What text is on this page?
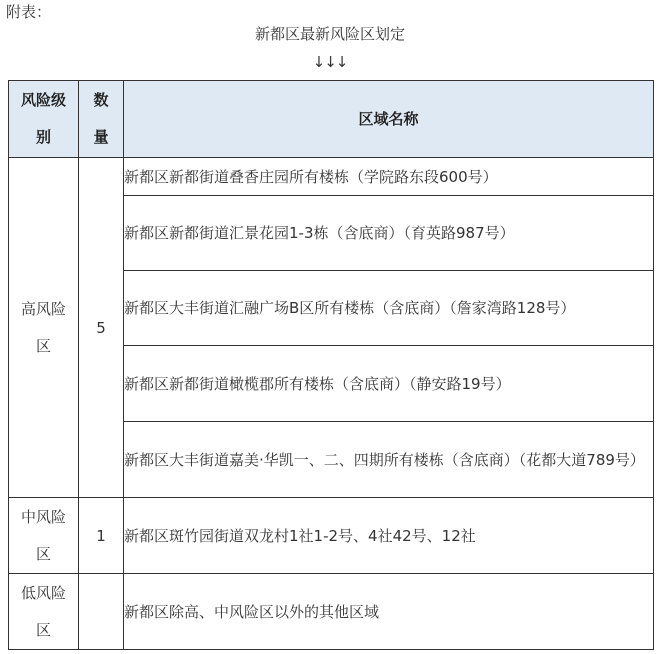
附表：
新都区最新风险区划定
↓↓↓
风险级别	数量	区域名称
高风险区	5	新都区新都街道叠香庄园所有楼栋（学院路东段600号）
		新都区新都街道汇景花园1-3栋（含底商）（育英路987号）
		新都区大丰街道汇融广场B区所有楼栋（含底商）（詹家湾路128号）
		新都区新都街道橄榄郡所有楼栋（含底商）（静安路19号）
		新都区大丰街道嘉美·华凯一、二、四期所有楼栋（含底商）（花都大道789号）
中风险区	1	新都区斑竹园街道双龙村1社1-2号、4社42号、12社
低风险区		新都区除高、中风险区以外的其他区域
